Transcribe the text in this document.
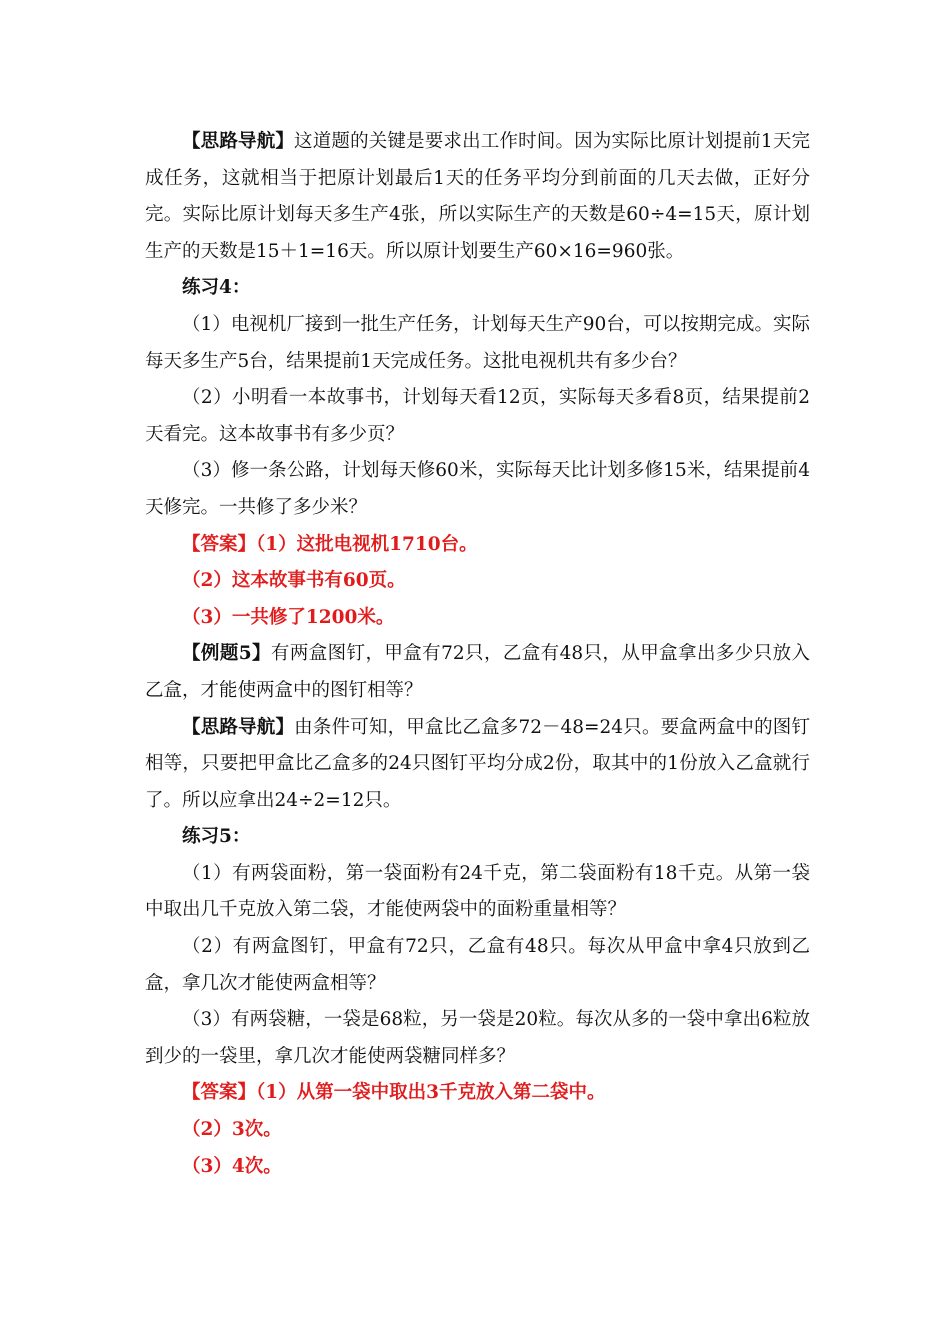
【思路导航】这道题的关键是要求出工作时间。因为实际比原计划提前1天完成任务，这就相当于把原计划最后1天的任务平均分到前面的几天去做，正好分完。实际比原计划每天多生产4张，所以实际生产的天数是60÷4=15天，原计划生产的天数是15＋1=16天。所以原计划要生产60×16=960张。

练习4：

（1）电视机厂接到一批生产任务，计划每天生产90台，可以按期完成。实际每天多生产5台，结果提前1天完成任务。这批电视机共有多少台？

（2）小明看一本故事书，计划每天看12页，实际每天多看8页，结果提前2天看完。这本故事书有多少页？

（3）修一条公路，计划每天修60米，实际每天比计划多修15米，结果提前4天修完。一共修了多少米？

【答案】（1）这批电视机1710台。

（2）这本故事书有60页。

（3）一共修了1200米。

【例题5】有两盒图钉，甲盒有72只，乙盒有48只，从甲盒拿出多少只放入乙盒，才能使两盒中的图钉相等？

【思路导航】由条件可知，甲盒比乙盒多72－48=24只。要盒两盒中的图钉相等，只要把甲盒比乙盒多的24只图钉平均分成2份，取其中的1份放入乙盒就行了。所以应拿出24÷2=12只。

练习5：

（1）有两袋面粉，第一袋面粉有24千克，第二袋面粉有18千克。从第一袋中取出几千克放入第二袋，才能使两袋中的面粉重量相等？

（2）有两盒图钉，甲盒有72只，乙盒有48只。每次从甲盒中拿4只放到乙盒，拿几次才能使两盒相等？

（3）有两袋糖，一袋是68粒，另一袋是20粒。每次从多的一袋中拿出6粒放到少的一袋里，拿几次才能使两袋糖同样多？

【答案】（1）从第一袋中取出3千克放入第二袋中。

（2）3次。

（3）4次。
